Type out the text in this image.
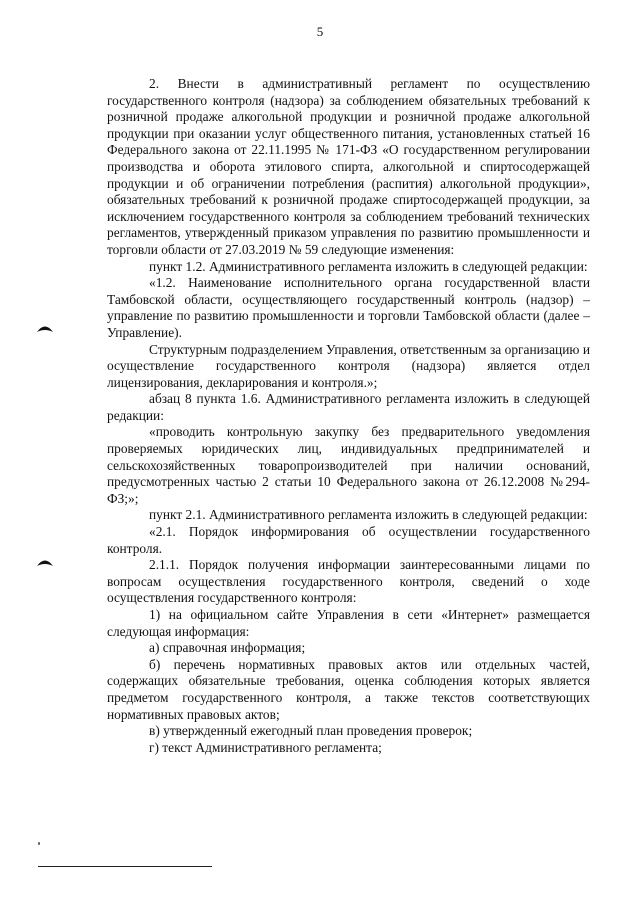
5

2. Внести в административный регламент по осуществлению государственного контроля (надзора) за соблюдением обязательных требований к розничной продаже алкогольной продукции и розничной продаже алкогольной продукции при оказании услуг общественного питания, установленных статьей 16 Федерального закона от 22.11.1995 № 171-ФЗ «О государственном регулировании производства и оборота этилового спирта, алкогольной и спиртосодержащей продукции и об ограничении потребления (распития) алкогольной продукции», обязательных требований к розничной продаже спиртосодержащей продукции, за исключением государственного контроля за соблюдением требований технических регламентов, утвержденный приказом управления по развитию промышленности и торговли области от 27.03.2019 № 59 следующие изменения:

пункт 1.2. Административного регламента изложить в следующей редакции:

«1.2. Наименование исполнительного органа государственной власти Тамбовской области, осуществляющего государственный контроль (надзор) – управление по развитию промышленности и торговли Тамбовской области (далее – Управление).

Структурным подразделением Управления, ответственным за организацию и осуществление государственного контроля (надзора) является отдел лицензирования, декларирования и контроля.»;

абзац 8 пункта 1.6. Административного регламента изложить в следующей редакции:

«проводить контрольную закупку без предварительного уведомления проверяемых юридических лиц, индивидуальных предпринимателей и сельскохозяйственных товаропроизводителей при наличии оснований, предусмотренных частью 2 статьи 10 Федерального закона от 26.12.2008 №294-ФЗ;»;

пункт 2.1. Административного регламента изложить в следующей редакции:

«2.1. Порядок информирования об осуществлении государственного контроля.

2.1.1. Порядок получения информации заинтересованными лицами по вопросам осуществления государственного контроля, сведений о ходе осуществления государственного контроля:

1) на официальном сайте Управления в сети «Интернет» размещается следующая информация:

а) справочная информация;

б) перечень нормативных правовых актов или отдельных частей, содержащих обязательные требования, оценка соблюдения которых является предметом государственного контроля, а также текстов соответствующих нормативных правовых актов;

в) утвержденный ежегодный план проведения проверок;

г) текст Административного регламента;
